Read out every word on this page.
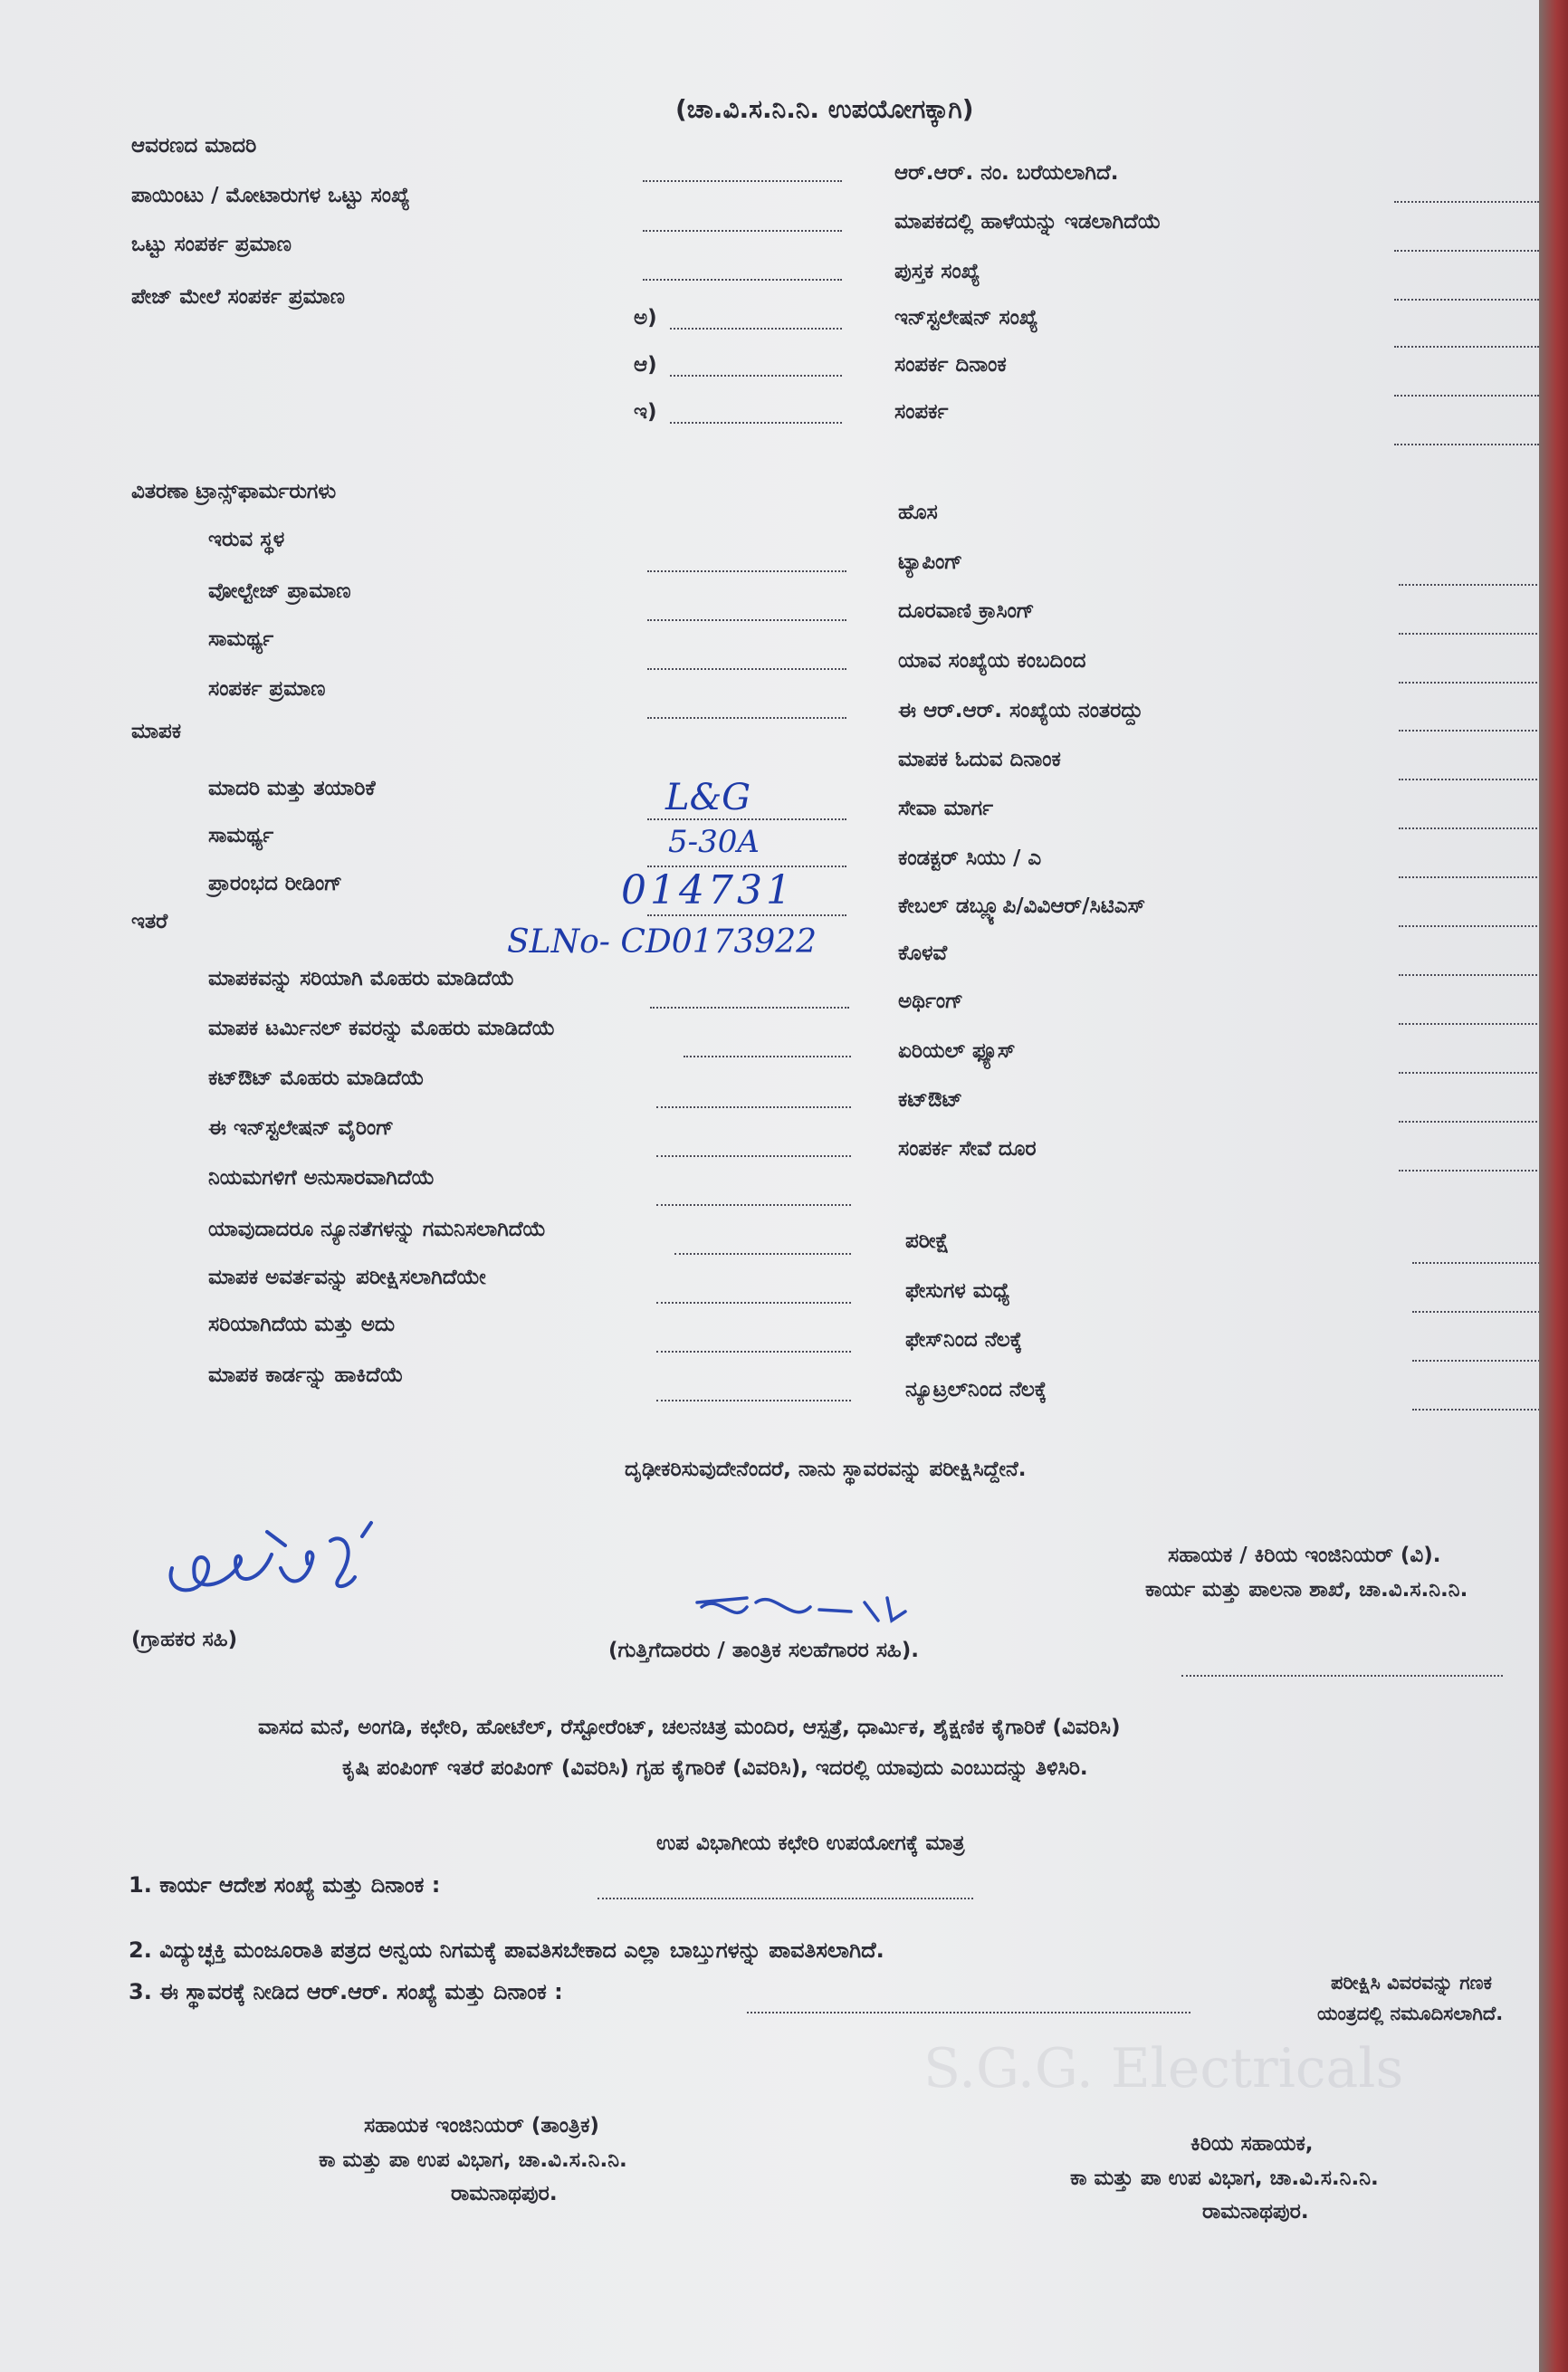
(ಚಾ.ವಿ.ಸ.ನಿ.ನಿ. ಉಪಯೋಗಕ್ಕಾಗಿ)
ಆವರಣದ ಮಾದರಿ
ಪಾಯಿಂಟು / ಮೋಟಾರುಗಳ ಒಟ್ಟು ಸಂಖ್ಯೆ
ಒಟ್ಟು ಸಂಪರ್ಕ ಪ್ರಮಾಣ
ಪೇಜ್ ಮೇಲೆ ಸಂಪರ್ಕ ಪ್ರಮಾಣ
ಅ)
ಆ)
ಇ)
ಆರ್.ಆರ್. ನಂ. ಬರೆಯಲಾಗಿದೆ.
ಮಾಪಕದಲ್ಲಿ ಹಾಳೆಯನ್ನು ಇಡಲಾಗಿದೆಯೆ
ಪುಸ್ತಕ ಸಂಖ್ಯೆ
ಇನ್‌ಸ್ಟಲೇಷನ್ ಸಂಖ್ಯೆ
ಸಂಪರ್ಕ ದಿನಾಂಕ
ಸಂಪರ್ಕ
ವಿತರಣಾ ಟ್ರಾನ್ಸ್‌ಫಾರ್ಮರುಗಳು
ಇರುವ ಸ್ಥಳ
ವೋಲ್ಟೇಜ್ ಪ್ರಾಮಾಣ
ಸಾಮರ್ಥ್ಯ
ಸಂಪರ್ಕ ಪ್ರಮಾಣ
ಮಾಪಕ
ಮಾದರಿ ಮತ್ತು ತಯಾರಿಕೆ
ಸಾಮರ್ಥ್ಯ
ಪ್ರಾರಂಭದ ರೀಡಿಂಗ್
L&G
5-30A
014731
SLNo- CD0173922
ಇತರೆ
ಮಾಪಕವನ್ನು ಸರಿಯಾಗಿ ಮೊಹರು ಮಾಡಿದೆಯೆ
ಮಾಪಕ ಟರ್ಮಿನಲ್ ಕವರನ್ನು ಮೊಹರು ಮಾಡಿದೆಯೆ
ಕಟ್‌ಔಟ್ ಮೊಹರು ಮಾಡಿದೆಯೆ
ಈ ಇನ್‌ಸ್ಟಲೇಷನ್ ವೈರಿಂಗ್
ನಿಯಮಗಳಿಗೆ ಅನುಸಾರವಾಗಿದೆಯೆ
ಯಾವುದಾದರೂ ನ್ಯೂನತೆಗಳನ್ನು ಗಮನಿಸಲಾಗಿದೆಯೆ
ಮಾಪಕ ಅವರ್ತವನ್ನು ಪರೀಕ್ಷಿಸಲಾಗಿದೆಯೇ
ಸರಿಯಾಗಿದೆಯ ಮತ್ತು ಅದು
ಮಾಪಕ ಕಾರ್ಡನ್ನು ಹಾಕಿದೆಯೆ
ಹೊಸ
ಟ್ಯಾಪಿಂಗ್
ದೂರವಾಣಿ ಕ್ರಾಸಿಂಗ್
ಯಾವ ಸಂಖ್ಯೆಯ ಕಂಬದಿಂದ
ಈ ಆರ್.ಆರ್. ಸಂಖ್ಯೆಯ ನಂತರದ್ದು
ಮಾಪಕ ಓದುವ ದಿನಾಂಕ
ಸೇವಾ ಮಾರ್ಗ
ಕಂಡಕ್ಟರ್ ಸಿಯು / ಎ
ಕೇಬಲ್ ಡಬ್ಲ್ಯೂಪಿ/ವಿವಿಆರ್/ಸಿಟಿಎಸ್
ಕೊಳವೆ
ಅರ್ಥಿಂಗ್
ಏರಿಯಲ್ ಫ್ಯೂಸ್
ಕಟ್‌ಔಟ್
ಸಂಪರ್ಕ ಸೇವೆ ದೂರ
ಪರೀಕ್ಷೆ
ಫೇಸುಗಳ ಮಧ್ಯೆ
ಫೇಸ್‌ನಿಂದ ನೆಲಕ್ಕೆ
ನ್ಯೂಟ್ರಲ್‌ನಿಂದ ನೆಲಕ್ಕೆ
ದೃಢೀಕರಿಸುವುದೇನೆಂದರೆ, ನಾನು ಸ್ಥಾವರವನ್ನು ಪರೀಕ್ಷಿಸಿದ್ದೇನೆ.
ಸಹಾಯಕ / ಕಿರಿಯ ಇಂಜಿನಿಯರ್ (ವಿ).
ಕಾರ್ಯ ಮತ್ತು ಪಾಲನಾ ಶಾಖೆ, ಚಾ.ವಿ.ಸ.ನಿ.ನಿ.
(ಗ್ರಾಹಕರ ಸಹಿ)	(ಗುತ್ತಿಗೆದಾರರು / ತಾಂತ್ರಿಕ ಸಲಹೆಗಾರರ ಸಹಿ).
ವಾಸದ ಮನೆ, ಅಂಗಡಿ, ಕಛೇರಿ, ಹೋಟೆಲ್, ರೆಸ್ಟೋರೆಂಟ್, ಚಲನಚಿತ್ರ ಮಂದಿರ, ಆಸ್ಪತ್ರೆ, ಧಾರ್ಮಿಕ, ಶೈಕ್ಷಣಿಕ ಕೈಗಾರಿಕೆ (ವಿವರಿಸಿ)
ಕೃಷಿ ಪಂಪಿಂಗ್ ಇತರೆ ಪಂಪಿಂಗ್ (ವಿವರಿಸಿ) ಗೃಹ ಕೈಗಾರಿಕೆ (ವಿವರಿಸಿ), ಇದರಲ್ಲಿ ಯಾವುದು ಎಂಬುದನ್ನು ತಿಳಿಸಿರಿ.
ಉಪ ವಿಭಾಗೀಯ ಕಛೇರಿ ಉಪಯೋಗಕ್ಕೆ ಮಾತ್ರ
1. ಕಾರ್ಯ ಆದೇಶ ಸಂಖ್ಯೆ ಮತ್ತು ದಿನಾಂಕ :
2. ವಿದ್ಯುಚ್ಛಕ್ತಿ ಮಂಜೂರಾತಿ ಪತ್ರದ ಅನ್ವಯ ನಿಗಮಕ್ಕೆ ಪಾವತಿಸಬೇಕಾದ ಎಲ್ಲಾ ಬಾಬ್ತುಗಳನ್ನು ಪಾವತಿಸಲಾಗಿದೆ.
3. ಈ ಸ್ಥಾವರಕ್ಕೆ ನೀಡಿದ ಆರ್.ಆರ್. ಸಂಖ್ಯೆ ಮತ್ತು ದಿನಾಂಕ :	ಪರೀಕ್ಷಿಸಿ ವಿವರವನ್ನು ಗಣಕ
ಯಂತ್ರದಲ್ಲಿ ನಮೂದಿಸಲಾಗಿದೆ.
S.G.G. Electricals
ಸಹಾಯಕ ಇಂಜಿನಿಯರ್ (ತಾಂತ್ರಿಕ)
ಕಾ ಮತ್ತು ಪಾ ಉಪ ವಿಭಾಗ, ಚಾ.ವಿ.ಸ.ನಿ.ನಿ.
ರಾಮನಾಥಪುರ.
ಕಿರಿಯ ಸಹಾಯಕ,
ಕಾ ಮತ್ತು ಪಾ ಉಪ ವಿಭಾಗ, ಚಾ.ವಿ.ಸ.ನಿ.ನಿ.
ರಾಮನಾಥಪುರ.
